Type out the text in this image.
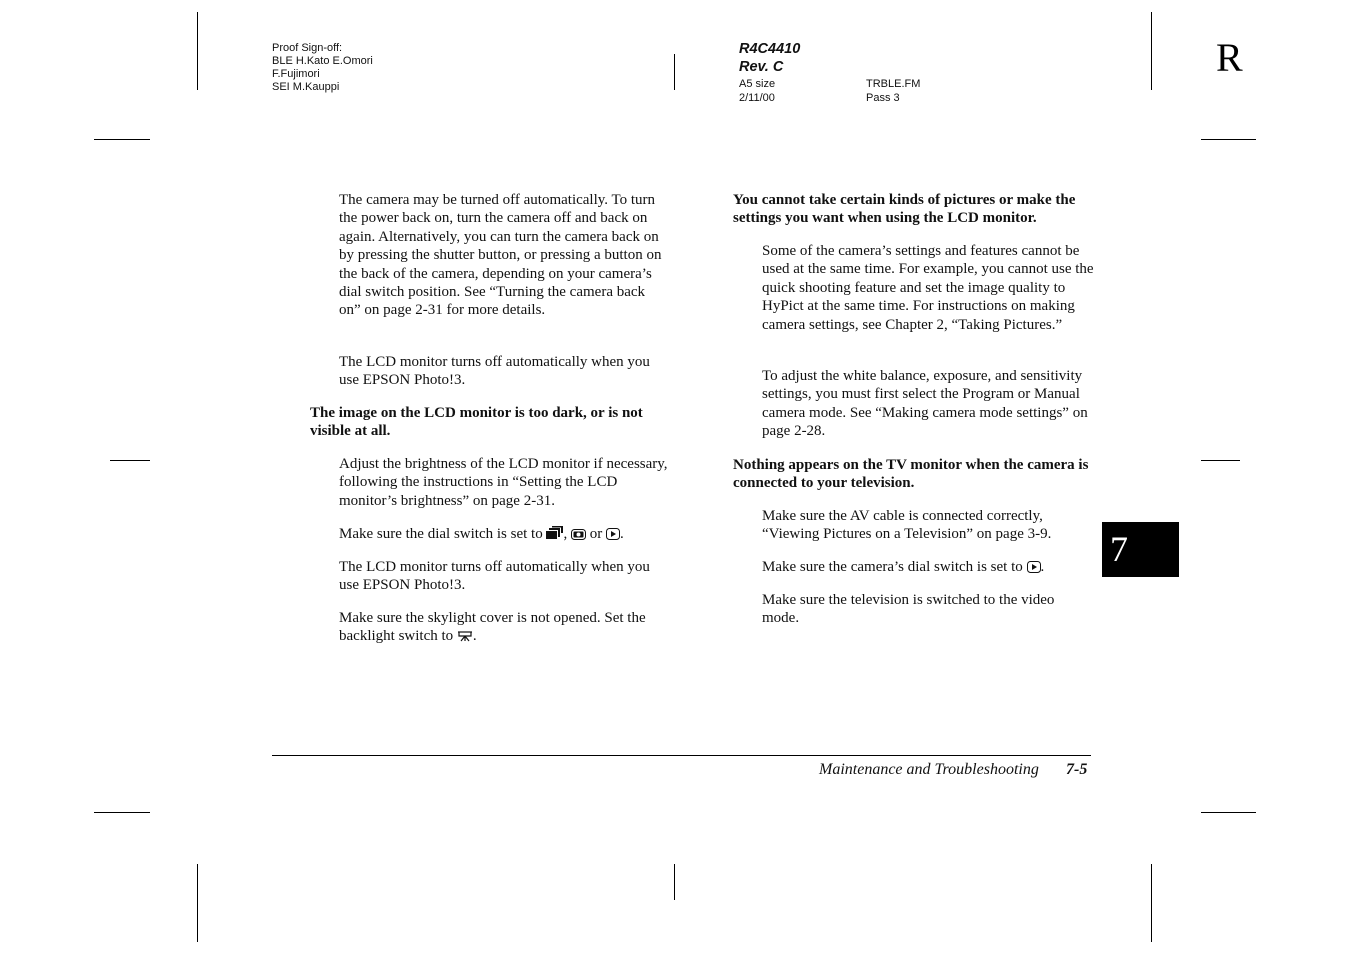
Proof Sign-off:
BLE H.Kato E.Omori
F.Fujimori
SEI M.Kauppi
R4C4410
Rev. C
A5 size
2/11/00
TRBLE.FM
Pass 3
R
The camera may be turned off automatically. To turn the power back on, turn the camera off and back on again. Alternatively, you can turn the camera back on by pressing the shutter button, or pressing a button on the back of the camera, depending on your camera’s dial switch position. See “Turning the camera back on” on page 2-31 for more details.
The LCD monitor turns off automatically when you use EPSON Photo!3.
The image on the LCD monitor is too dark, or is not visible at all.
Adjust the brightness of the LCD monitor if necessary, following the instructions in “Setting the LCD monitor’s brightness” on page 2-31.
Make sure the dial switch is set to , or .
The LCD monitor turns off automatically when you use EPSON Photo!3.
Make sure the skylight cover is not opened. Set the backlight switch to .
You cannot take certain kinds of pictures or make the settings you want when using the LCD monitor.
Some of the camera’s settings and features cannot be used at the same time. For example, you cannot use the quick shooting feature and set the image quality to HyPict at the same time. For instructions on making camera settings, see Chapter 2, “Taking Pictures.”
To adjust the white balance, exposure, and sensitivity settings, you must first select the Program or Manual camera mode. See “Making camera mode settings” on page 2-28.
Nothing appears on the TV monitor when the camera is connected to your television.
Make sure the AV cable is connected correctly, “Viewing Pictures on a Television” on page 3-9.
Make sure the camera’s dial switch is set to .
Make sure the television is switched to the video mode.
7
Maintenance and Troubleshooting 7-5
